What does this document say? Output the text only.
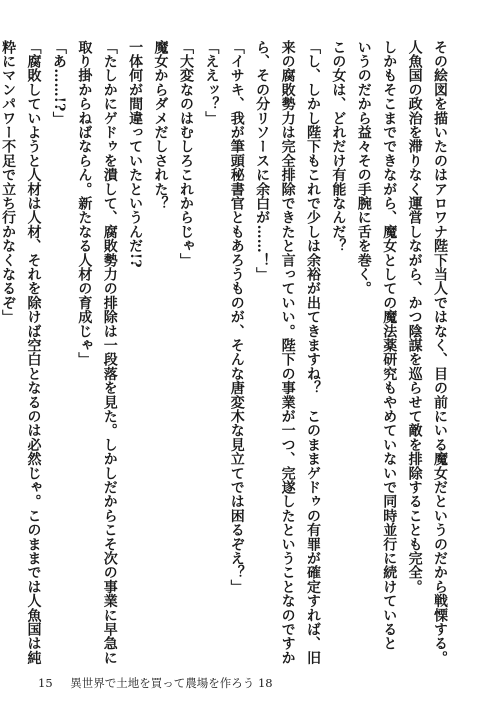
その絵図を描いたのはアロワナ陛下当人ではなく、目の前にいる魔女だというのだから戦慄する。
人魚国の政治を滞りなく運営しながら、かつ陰謀を巡らせて敵を排除することも完全。
しかもそこまでできながら、魔女としての魔法薬研究もやめていないで同時並行に続けていると
いうのだから益々その手腕に舌を巻く。
この女は、どれだけ有能なんだ？
「し、しかし陛下もこれで少しは余裕が出てきますね？　このままゲドゥの有罪が確定すれば、旧
来の腐敗勢力は完全排除できたと言っていい。陛下の事業が一つ、完遂したということなのですか
ら、その分リソースに余白が……！」
「イサキ、我が筆頭秘書官ともあろうものが、そんな唐変木な見立てでは困るぞえ？」
「ええッ？」
「大変なのはむしろこれからじゃ」
魔女からダメだしされた？
一体何が間違っていたというんだ!?
「たしかにゲドゥを潰して、腐敗勢力の排除は一段落を見た。しかしだからこそ次の事業に早急に
取り掛からねばならん。新たなる人材の育成じゃ」
「あ……!?」
「腐敗していようと人材は人材、それを除けば空白となるのは必然じゃ。このままでは人魚国は純
粋にマンパワー不足で立ち行かなくなるぞ」
15 異世界で土地を買って農場を作ろう 18
